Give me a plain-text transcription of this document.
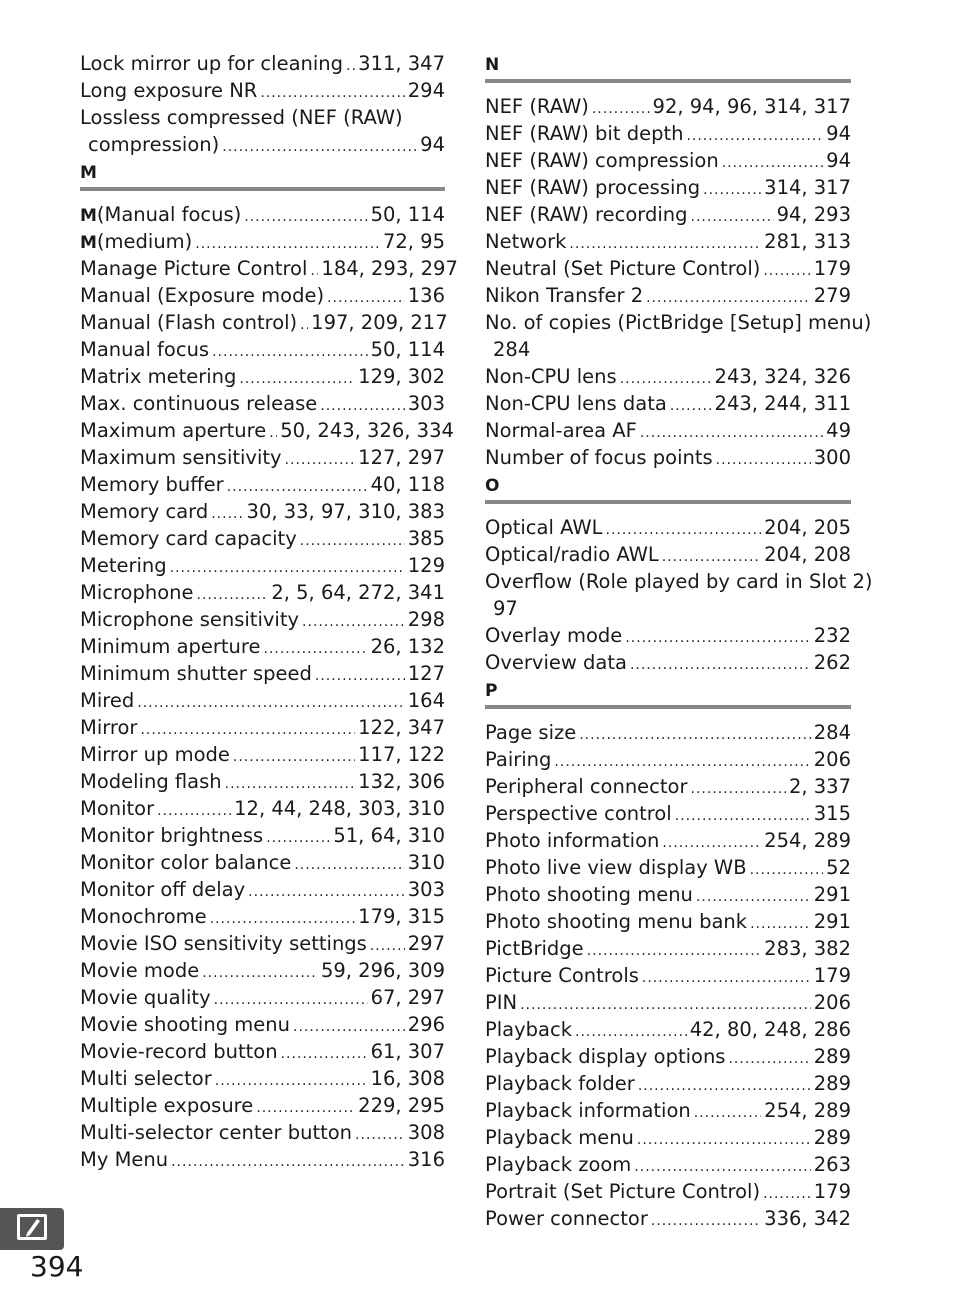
Lock mirror up for cleaning ..... 311, 347
Long exposure NR .....	294
Lossless compressed (NEF (RAW)
compression) .....	94
M
M (Manual focus) .....	50, 114
M (medium) .....	72, 95
Manage Picture Control ..... 184, 293, 297
Manual (Exposure mode) .....	136
Manual (Flash control) ..... 197, 209, 217
Manual focus .....	50, 114
Matrix metering .....	129, 302
Max. continuous release .....	303
Maximum aperture ..... 50, 243, 326, 334
Maximum sensitivity .....	127, 297
Memory buffer .....	40, 118
Memory card ..... 30, 33, 97, 310, 383
Memory card capacity .....	385
Metering .....	129
Microphone .....	2, 5, 64, 272, 341
Microphone sensitivity .....	298
Minimum aperture .....	26, 132
Minimum shutter speed .....	127
Mired .....	164
Mirror .....	122, 347
Mirror up mode .....	117, 122
Modeling flash .....	132, 306
Monitor .....	12, 44, 248, 303, 310
Monitor brightness .....	51, 64, 310
Monitor color balance .....	310
Monitor off delay .....	303
Monochrome .....	179, 315
Movie ISO sensitivity settings ..... 297
Movie mode .....	59, 296, 309
Movie quality .....	67, 297
Movie shooting menu .....	296
Movie-record button .....	61, 307
Multi selector .....	16, 308
Multiple exposure .....	229, 295
Multi-selector center button .....	308
My Menu .....	316
N
NEF (RAW) .....	92, 94, 96, 314, 317
NEF (RAW) bit depth .....	94
NEF (RAW) compression .....	94
NEF (RAW) processing .....	314, 317
NEF (RAW) recording .....	94, 293
Network .....	281, 313
Neutral (Set Picture Control) .....	179
Nikon Transfer 2 .....	279
No. of copies (PictBridge [Setup] menu)
284
Non-CPU lens .....	243, 324, 326
Non-CPU lens data ..... 243, 244, 311
Normal-area AF .....	49
Number of focus points .....	300
O
Optical AWL .....	204, 205
Optical/radio AWL .....	204, 208
Overflow (Role played by card in Slot 2)
97
Overlay mode .....	232
Overview data .....	262
P
Page size .....	284
Pairing .....	206
Peripheral connector .....	2, 337
Perspective control .....	315
Photo information .....	254, 289
Photo live view display WB .....	52
Photo shooting menu .....	291
Photo shooting menu bank .....	291
PictBridge .....	283, 382
Picture Controls .....	179
PIN .....	206
Playback .....	42, 80, 248, 286
Playback display options .....	289
Playback folder .....	289
Playback information .....	254, 289
Playback menu .....	289
Playback zoom .....	263
Portrait (Set Picture Control) .....	179
Power connector .....	336, 342
394
